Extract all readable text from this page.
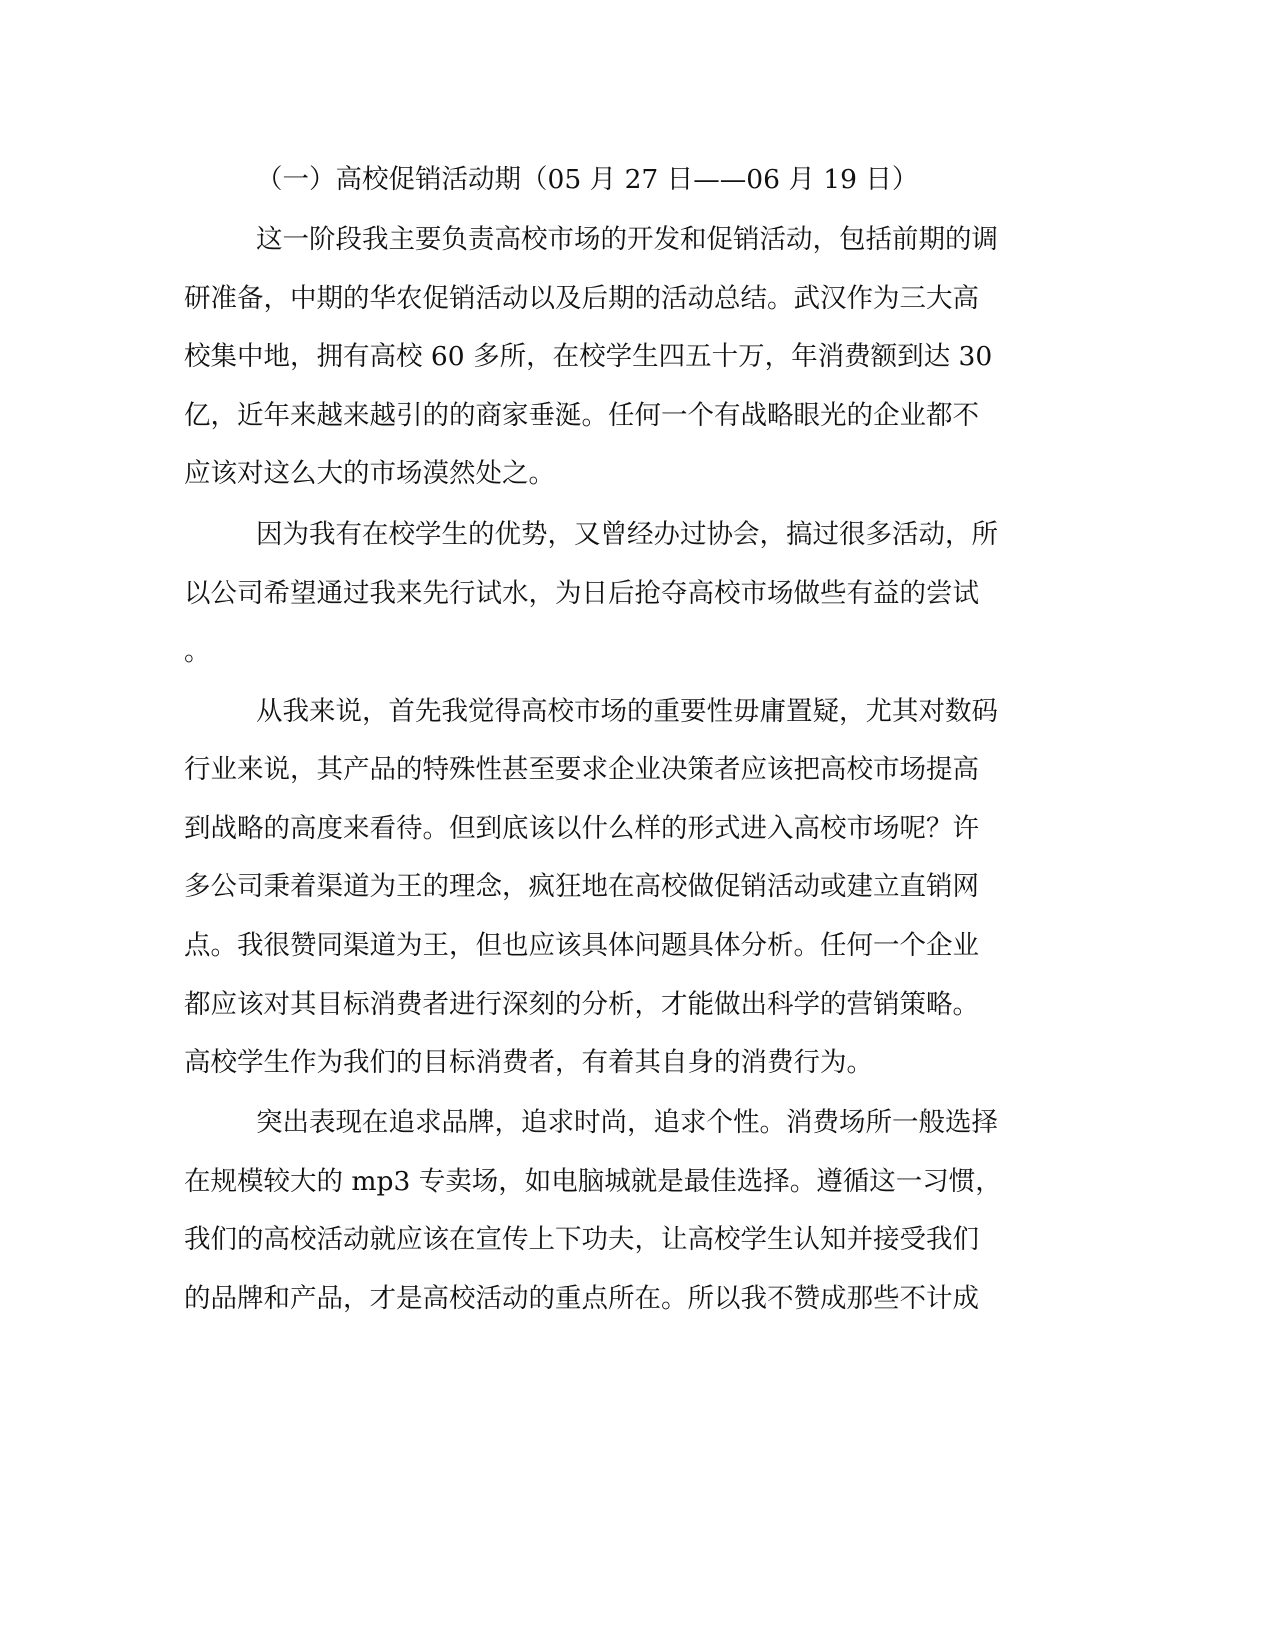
（一）高校促销活动期（05 月 27 日——06 月 19 日）
这一阶段我主要负责高校市场的开发和促销活动，包括前期的调
研准备，中期的华农促销活动以及后期的活动总结。武汉作为三大高
校集中地，拥有高校 60 多所，在校学生四五十万，年消费额到达 30
亿，近年来越来越引的的商家垂涎。任何一个有战略眼光的企业都不
应该对这么大的市场漠然处之。
因为我有在校学生的优势，又曾经办过协会，搞过很多活动，所
以公司希望通过我来先行试水，为日后抢夺高校市场做些有益的尝试
。
从我来说，首先我觉得高校市场的重要性毋庸置疑，尤其对数码
行业来说，其产品的特殊性甚至要求企业决策者应该把高校市场提高
到战略的高度来看待。但到底该以什么样的形式进入高校市场呢？许
多公司秉着渠道为王的理念，疯狂地在高校做促销活动或建立直销网
点。我很赞同渠道为王，但也应该具体问题具体分析。任何一个企业
都应该对其目标消费者进行深刻的分析，才能做出科学的营销策略。
高校学生作为我们的目标消费者，有着其自身的消费行为。
突出表现在追求品牌，追求时尚，追求个性。消费场所一般选择
在规模较大的 mp3 专卖场，如电脑城就是最佳选择。遵循这一习惯，
我们的高校活动就应该在宣传上下功夫，让高校学生认知并接受我们
的品牌和产品，才是高校活动的重点所在。所以我不赞成那些不计成
